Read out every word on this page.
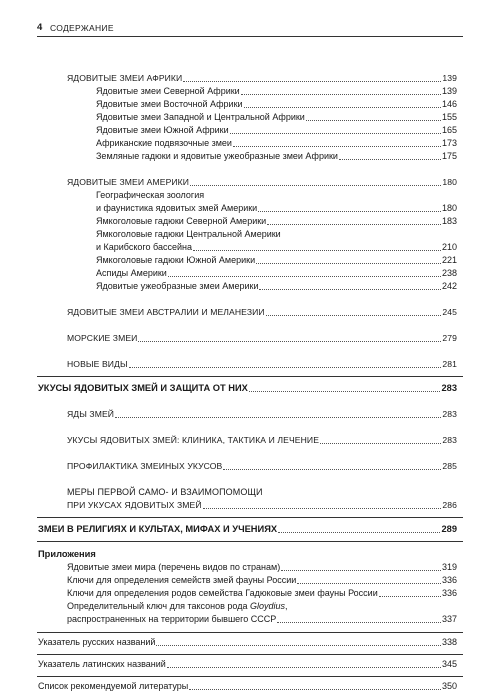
4 СОДЕРЖАНИЕ
ЯДОВИТЫЕ ЗМЕИ АФРИКИ	139
Ядовитые змеи Северной Африки	139
Ядовитые змеи Восточной Африки	146
Ядовитые змеи Западной и Центральной Африки	155
Ядовитые змеи Южной Африки	165
Африканские подвязочные змеи	173
Земляные гадюки и ядовитые ужеобразные змеи Африки	175
ЯДОВИТЫЕ ЗМЕИ АМЕРИКИ	180
Географическая зоология
и фаунистика ядовитых змей Америки	180
Ямкоголовые гадюки Северной Америки	183
Ямкоголовые гадюки Центральной Америки
и Карибского бассейна	210
Ямкоголовые гадюки Южной Америки	221
Аспиды Америки	238
Ядовитые ужеобразные змеи Америки	242
ЯДОВИТЫЕ ЗМЕИ АВСТРАЛИИ И МЕЛАНЕЗИИ	245
МОРСКИЕ ЗМЕИ	279
НОВЫЕ ВИДЫ	281
УКУСЫ ЯДОВИТЫХ ЗМЕЙ И ЗАЩИТА ОТ НИХ	283
ЯДЫ ЗМЕЙ	283
УКУСЫ ЯДОВИТЫХ ЗМЕЙ: КЛИНИКА, ТАКТИКА И ЛЕЧЕНИЕ	283
ПРОФИЛАКТИКА ЗМЕИНЫХ УКУСОВ	285
МЕРЫ ПЕРВОЙ САМО- И ВЗАИМОПОМОЩИ
ПРИ УКУСАХ ЯДОВИТЫХ ЗМЕЙ	286
ЗМЕИ В РЕЛИГИЯХ И КУЛЬТАХ, МИФАХ И УЧЕНИЯХ	289
Приложения
Ядовитые змеи мира (перечень видов по странам)	319
Ключи для определения семейств змей фауны России	336
Ключи для определения родов семейства Гадюковые змеи фауны России	336
Определительный ключ для таксонов рода Gloydius,
распространенных на территории бывшего СССР	337
Указатель русских названий	338
Указатель латинских названий	345
Список рекомендуемой литературы	350
